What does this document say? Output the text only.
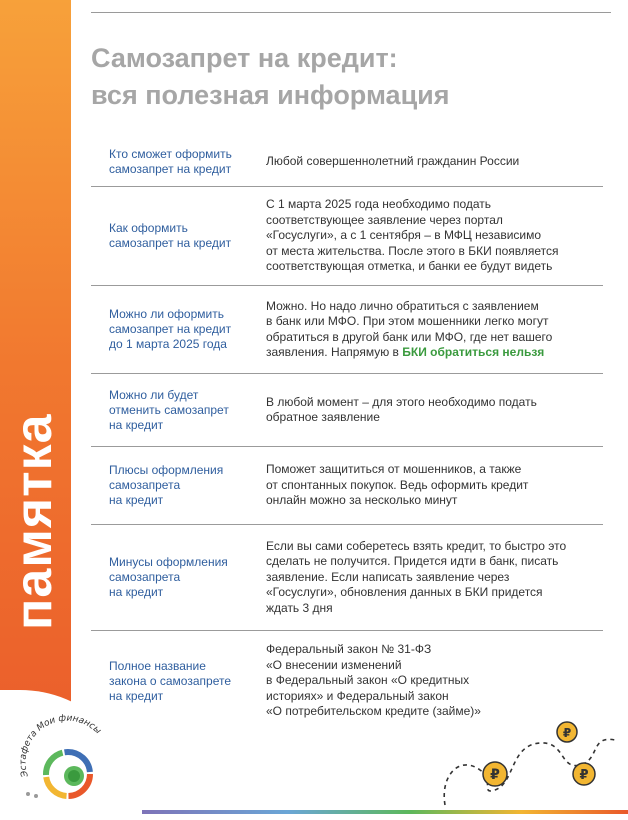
памятка
Самозапрет на кредит:
вся полезная информация
Кто сможет оформить
самозапрет на кредит
Любой совершеннолетний гражданин России
Как оформить
самозапрет на кредит
С 1 марта 2025 года необходимо подать
соответствующее заявление через портал
«Госуслуги», а с 1 сентября – в МФЦ независимо
от места жительства. После этого в БКИ появляется
соответствующая отметка, и банки ее будут видеть
Можно ли оформить
самозапрет на кредит
до 1 марта 2025 года
Можно. Но надо лично обратиться с заявлением
в банк или МФО. При этом мошенники легко могут
обратиться в другой банк или МФО, где нет вашего
заявления. Напрямую в БКИ обратиться нельзя
Можно ли будет
отменить самозапрет
на кредит
В любой момент – для этого необходимо подать
обратное заявление
Плюсы оформления
самозапрета
на кредит
Поможет защититься от мошенников, а также
от спонтанных покупок. Ведь оформить кредит
онлайн можно за несколько минут
Минусы оформления
самозапрета
на кредит
Если вы сами соберетесь взять кредит, то быстро это
сделать не получится. Придется идти в банк, писать
заявление. Если написать заявление через
«Госуслуги», обновления данных в БКИ придется
ждать 3 дня
Полное название
закона о самозапрете
на кредит
Федеральный закон № 31-ФЗ
«О внесении изменений
в Федеральный закон «О кредитных
историях» и Федеральный закон
«О потребительском кредите (займе)»
Эстафета Мои финансы	₽
₽	₽
